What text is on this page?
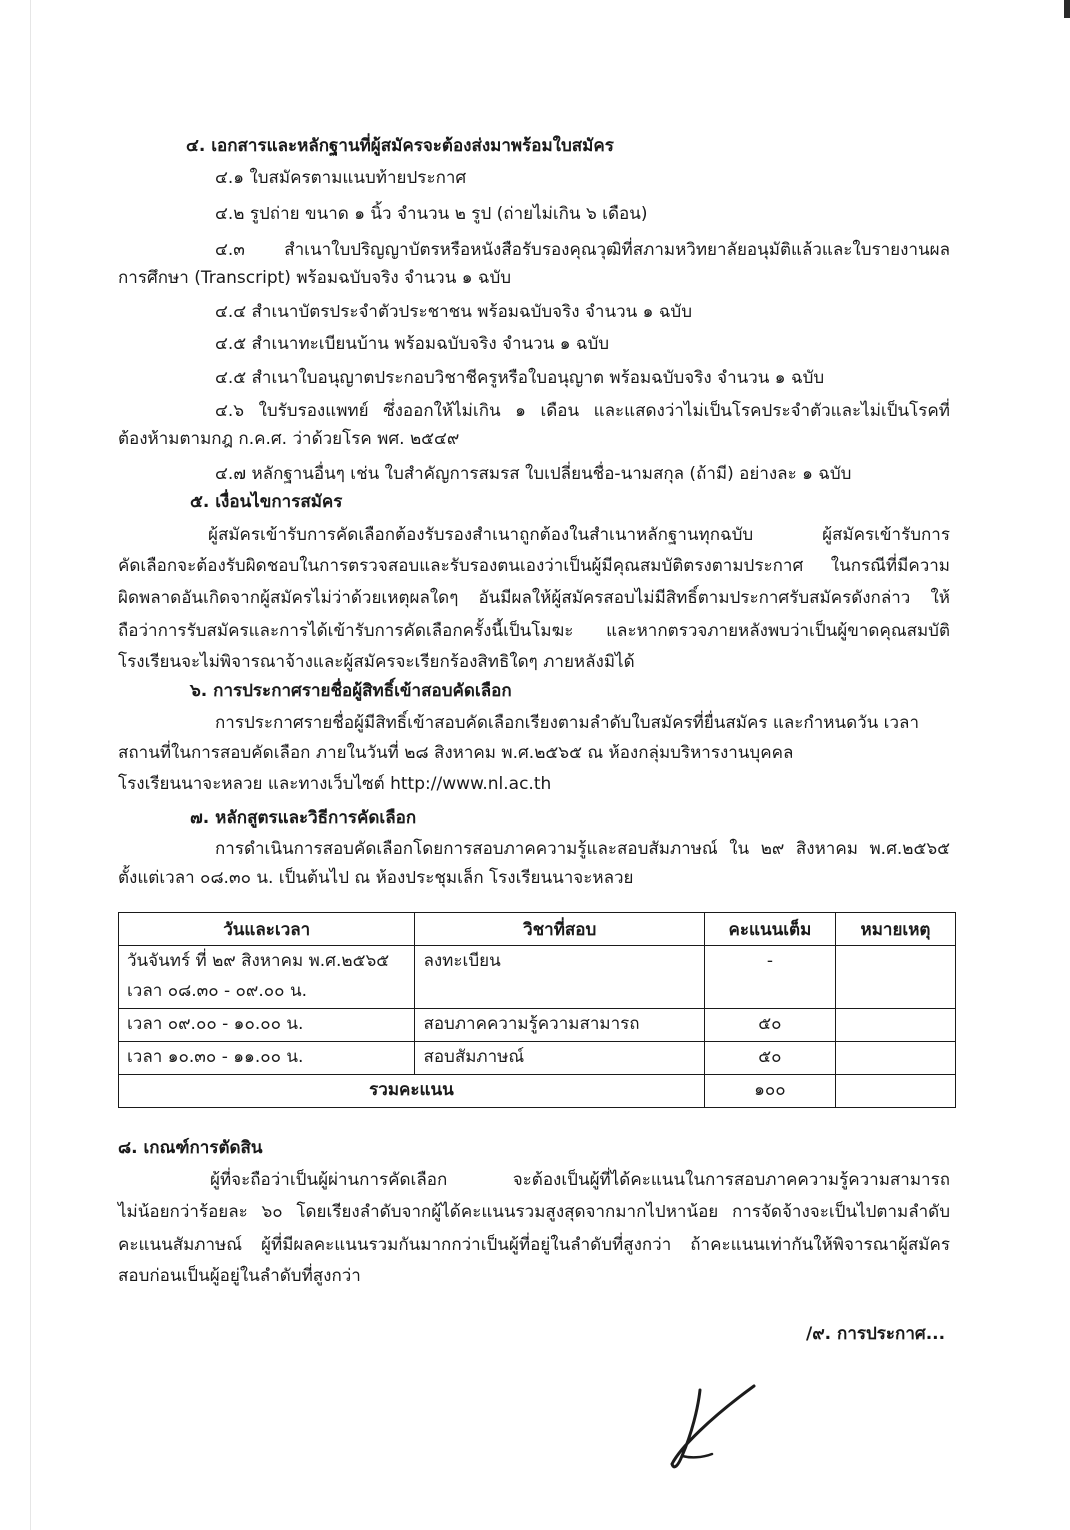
๔. เอกสารและหลักฐานที่ผู้สมัครจะต้องส่งมาพร้อมใบสมัคร
๔.๑ ใบสมัครตามแนบท้ายประกาศ
๔.๒ รูปถ่าย ขนาด ๑ นิ้ว จำนวน ๒ รูป (ถ่ายไม่เกิน ๖ เดือน)
๔.๓ สำเนาใบปริญญาบัตรหรือหนังสือรับรองคุณวุฒิที่สภามหวิทยาลัยอนุมัติแล้วและใบรายงานผล
การศึกษา (Transcript) พร้อมฉบับจริง จำนวน ๑ ฉบับ
๔.๔ สำเนาบัตรประจำตัวประชาชน พร้อมฉบับจริง จำนวน ๑ ฉบับ
๔.๕ สำเนาทะเบียนบ้าน พร้อมฉบับจริง จำนวน ๑ ฉบับ
๔.๕ สำเนาใบอนุญาตประกอบวิชาชีครูหรือใบอนุญาต พร้อมฉบับจริง จำนวน ๑ ฉบับ
๔.๖ ใบรับรองแพทย์ ซึ่งออกให้ไม่เกิน ๑ เดือน และแสดงว่าไม่เป็นโรคประจำตัวและไม่เป็นโรคที่
ต้องห้ามตามกฎ ก.ค.ศ. ว่าด้วยโรค พศ. ๒๕๔๙
๔.๗ หลักฐานอื่นๆ เช่น ใบสำคัญการสมรส ใบเปลี่ยนชื่อ-นามสกุล (ถ้ามี) อย่างละ ๑ ฉบับ
๕. เงื่อนไขการสมัคร
ผู้สมัครเข้ารับการคัดเลือกต้องรับรองสำเนาถูกต้องในสำเนาหลักฐานทุกฉบับ ผู้สมัครเข้ารับการ
คัดเลือกจะต้องรับผิดชอบในการตรวจสอบและรับรองตนเองว่าเป็นผู้มีคุณสมบัติตรงตามประกาศ ในกรณีที่มีความ
ผิดพลาดอันเกิดจากผู้สมัครไม่ว่าด้วยเหตุผลใดๆ อันมีผลให้ผู้สมัครสอบไม่มีสิทธิ์ตามประกาศรับสมัครดังกล่าว ให้
ถือว่าการรับสมัครและการได้เข้ารับการคัดเลือกครั้งนี้เป็นโมฆะ และหากตรวจภายหลังพบว่าเป็นผู้ขาดคุณสมบัติ
โรงเรียนจะไม่พิจารณาจ้างและผู้สมัครจะเรียกร้องสิทธิใดๆ ภายหลังมิได้
๖. การประกาศรายชื่อผู้สิทธิ์เข้าสอบคัดเลือก
การประกาศรายชื่อผู้มีสิทธิ์เข้าสอบคัดเลือกเรียงตามลำดับใบสมัครที่ยื่นสมัคร และกำหนดวัน เวลา
สถานที่ในการสอบคัดเลือก ภายในวันที่ ๒๘ สิงหาคม พ.ศ.๒๕๖๕ ณ ห้องกลุ่มบริหารงานบุคคล
โรงเรียนนาจะหลวย และทางเว็บไซต์ http://www.nl.ac.th
๗. หลักสูตรและวิธีการคัดเลือก
การดำเนินการสอบคัดเลือกโดยการสอบภาคความรู้และสอบสัมภาษณ์ ใน ๒๙ สิงหาคม พ.ศ.๒๕๖๕
ตั้งแต่เวลา ๐๘.๓๐ น. เป็นต้นไป ณ ห้องประชุมเล็ก โรงเรียนนาจะหลวย
วันและเวลา	วิชาที่สอบ	คะแนนเต็ม	หมายเหตุ

วันจันทร์ ที่ ๒๙ สิงหาคม พ.ศ.๒๕๖๕
เวลา ๐๘.๓๐ - ๐๙.๐๐ น.	ลงทะเบียน	-	
เวลา ๐๙.๐๐ - ๑๐.๐๐ น.	สอบภาคความรู้ความสามารถ	๕๐	
เวลา ๑๐.๓๐ - ๑๑.๐๐ น.	สอบสัมภาษณ์	๕๐	
รวมคะแนน		๑๐๐	
๘. เกณฑ์การตัดสิน
ผู้ที่จะถือว่าเป็นผู้ผ่านการคัดเลือก จะต้องเป็นผู้ที่ได้คะแนนในการสอบภาคความรู้ความสามารถ
ไม่น้อยกว่าร้อยละ ๖๐ โดยเรียงลำดับจากผู้ได้คะแนนรวมสูงสุดจากมากไปหาน้อย การจัดจ้างจะเป็นไปตามลำดับ
คะแนนสัมภาษณ์ ผู้ที่มีผลคะแนนรวมกันมากกว่าเป็นผู้ที่อยู่ในลำดับที่สูงกว่า ถ้าคะแนนเท่ากันให้พิจารณาผู้สมัคร
สอบก่อนเป็นผู้อยู่ในลำดับที่สูงกว่า
/๙. การประกาศ...
